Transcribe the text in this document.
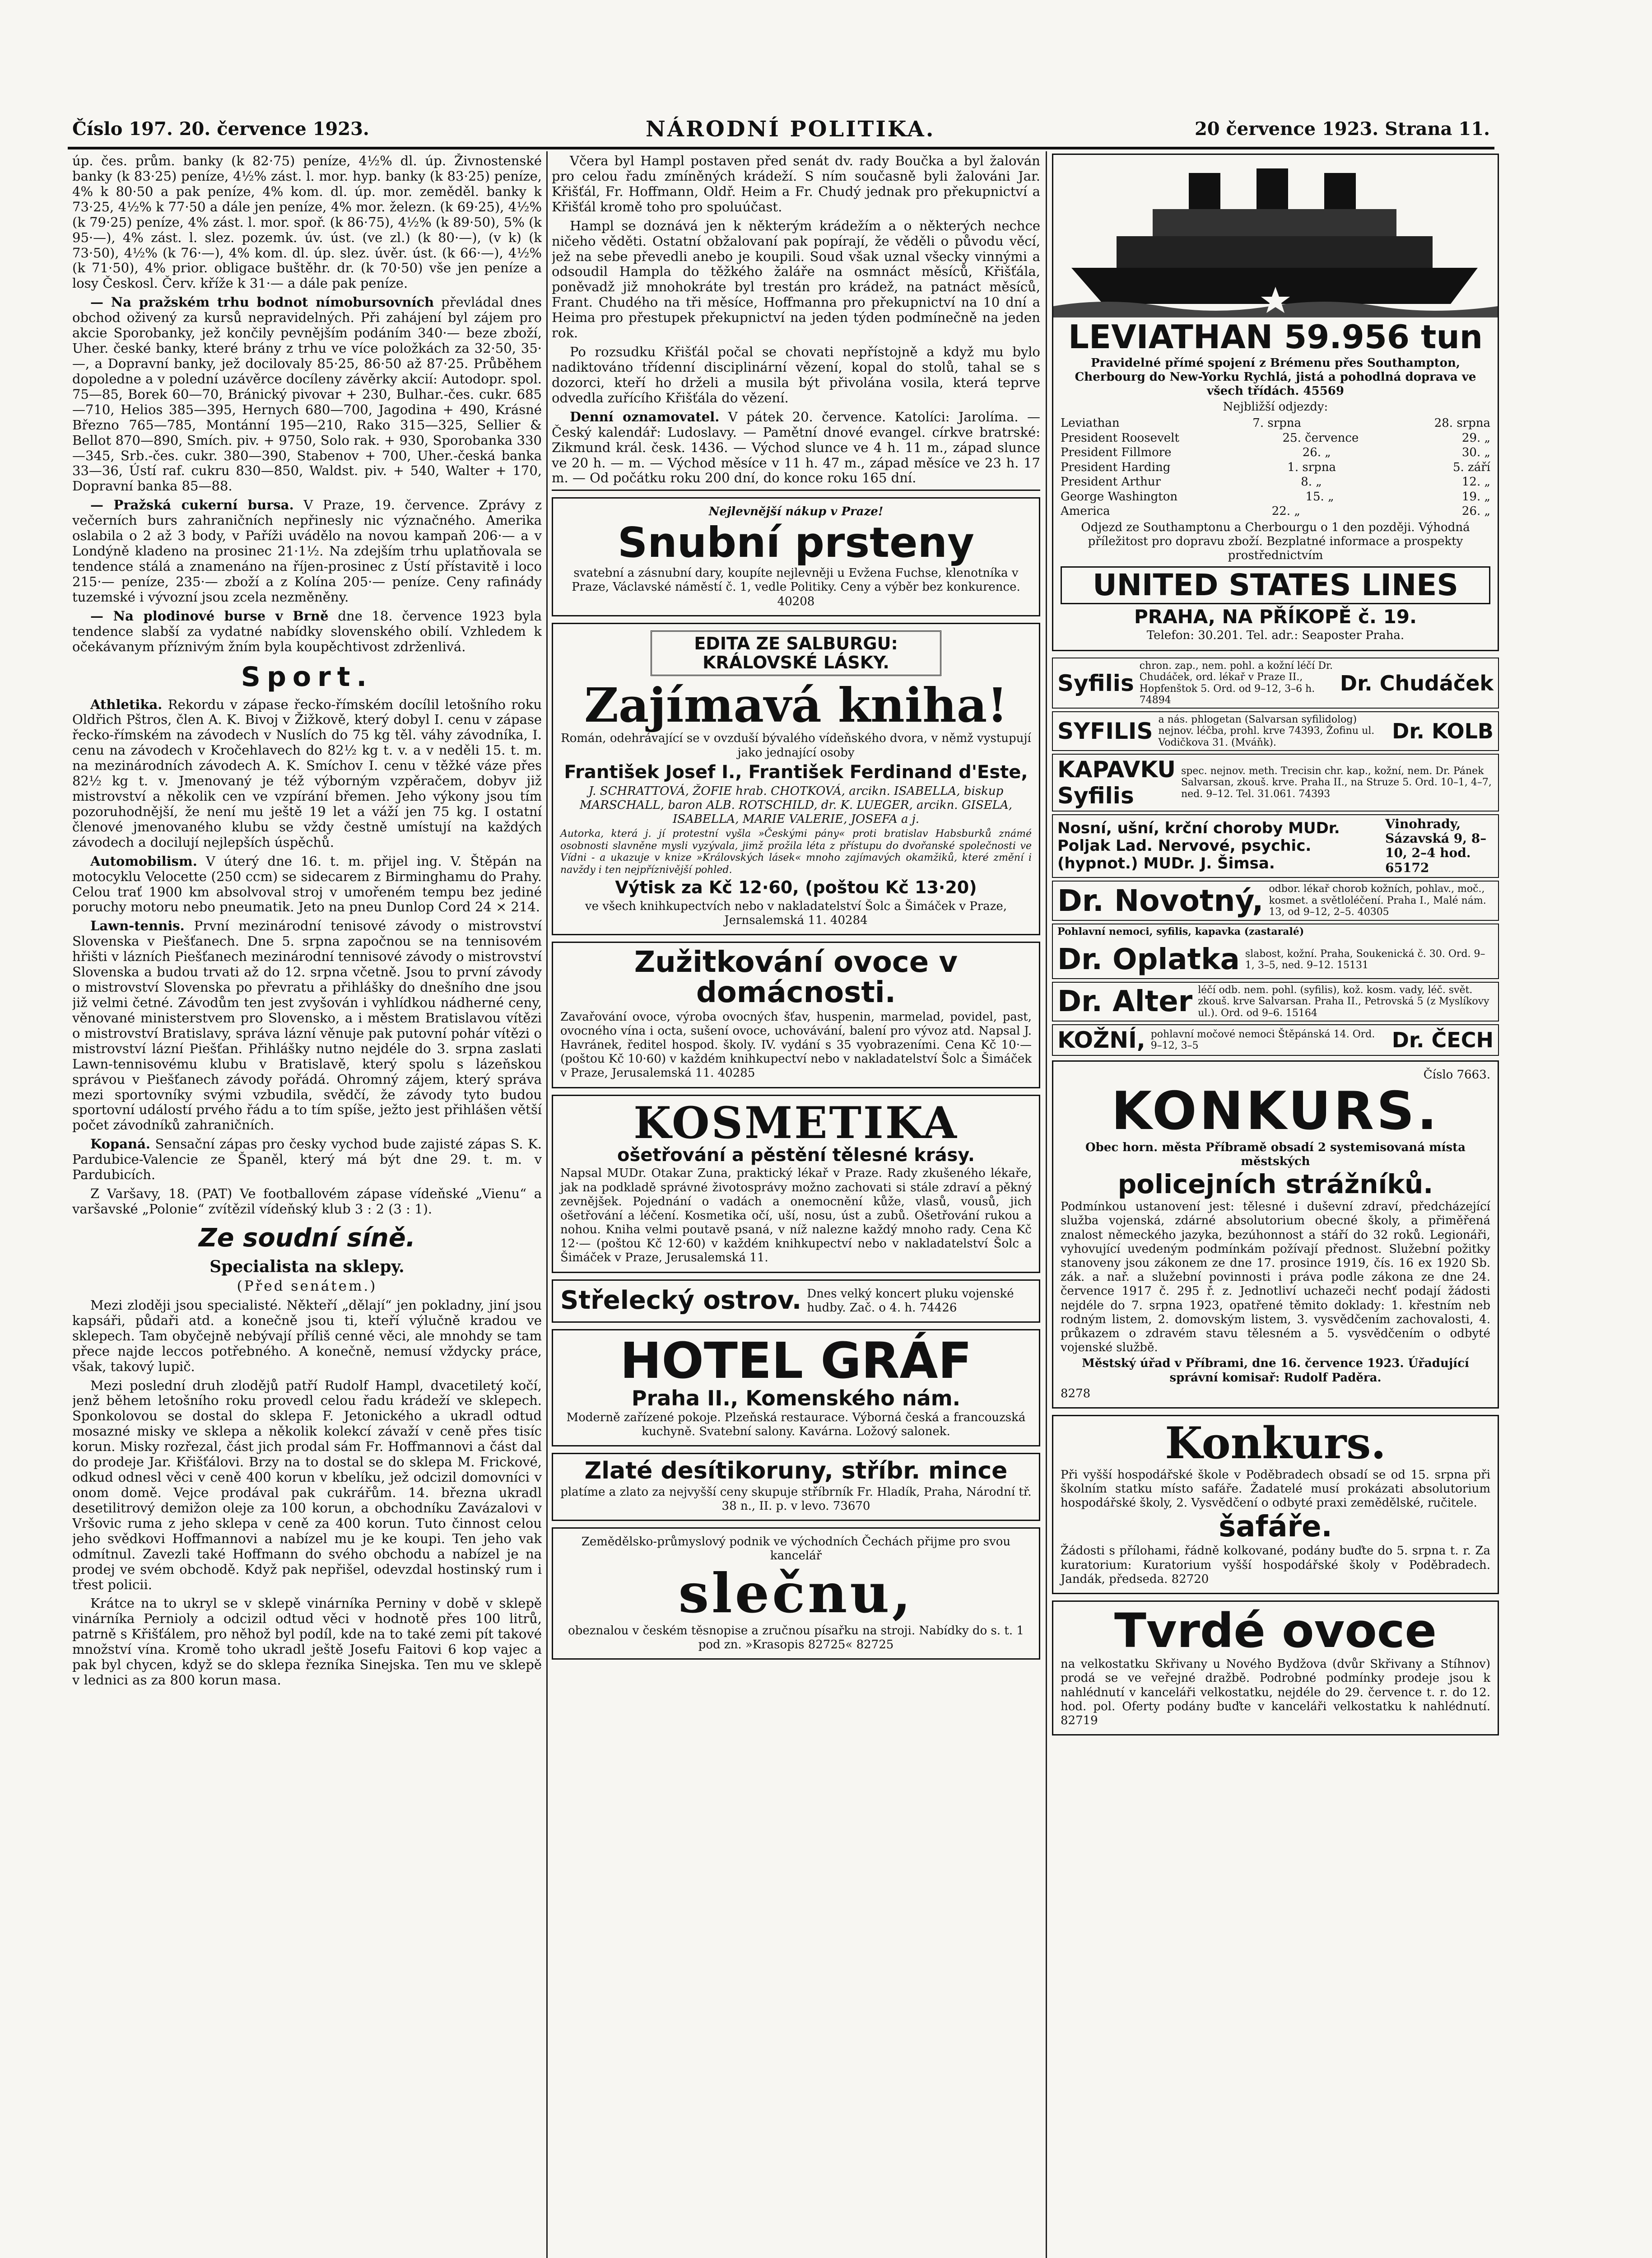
Číslo 197. 20. července 1923.	NÁRODNÍ POLITIKA.	20 července 1923. Strana 11.

úp. čes. prům. banky (k 82·75) peníze, 4½% dl. úp. Živnostenské banky (k 83·25) peníze, 4½% zást. l. mor. hyp. banky (k 83·25) peníze, 4% k 80·50 a pak peníze, 4% kom. dl. úp. mor. zeměděl. banky k 73·25, 4½% k 77·50 a dále jen peníze, 4% mor. železn. (k 69·25), 4½% (k 79·25) peníze, 4% zást. l. mor. spoř. (k 86·75), 4½% (k 89·50), 5% (k 95·—), 4% zást. l. slez. pozemk. úv. úst. (ve zl.) (k 80·—), (v k) (k 73·50), 4½% (k 76·—), 4% kom. dl. úp. slez. úvěr. úst. (k 66·—), 4½% (k 71·50), 4% prior. obligace buštěhr. dr. (k 70·50) vše jen peníze a losy Českosl. Červ. kříže k 31·— a dále pak peníze.

— Na pražském trhu bodnot nímobursovních převládal dnes obchod oživený za kursů nepravidelných. Při zahájení byl zájem pro akcie Sporobanky, jež končily pevnějším podáním 340·— beze zboží, Uher. české banky, které brány z trhu ve více položkách za 32·50, 35·—, a Dopravní banky, jež docilovaly 85·25, 86·50 až 87·25. Průběhem dopoledne a v polední uzávěrce docíleny závěrky akcií: Autodopr. spol. 75—85, Borek 60—70, Bránický pivovar + 230, Bulhar.-čes. cukr. 685—710, Helios 385—395, Hernych 680—700, Jagodina + 490, Krásné Březno 765—785, Montánní 195—210, Rako 315—325, Sellier & Bellot 870—890, Smích. piv. + 9750, Solo rak. + 930, Sporobanka 330—345, Srb.-čes. cukr. 380—390, Stabenov + 700, Uher.-česká banka 33—36, Ústí raf. cukru 830—850, Waldst. piv. + 540, Walter + 170, Dopravní banka 85—88.

— Pražská cukerní bursa. V Praze, 19. července. Zprávy z večerních burs zahraničních nepřinesly nic význačného. Amerika oslabila o 2 až 3 body, v Paříži uvádělo na novou kampaň 206·— a v Londýně kladeno na prosinec 21·1½. Na zdejším trhu uplatňovala se tendence stálá a znamenáno na říjen-prosinec z Ústí přístavitě i loco 215·— peníze, 235·— zboží a z Kolína 205·— peníze. Ceny rafinády tuzemské i vývozní jsou zcela nezměněny.

— Na plodinové burse v Brně dne 18. července 1923 byla tendence slabší za vydatné nabídky slovenského obilí. Vzhledem k očekávanym příznivým žním byla koupěchtivost zdrženlivá.

Sport.

Athletika. Rekordu v zápase řecko-římském docílil letošního roku Oldřich Pštros, člen A. K. Bivoj v Žižkově, který dobyl I. cenu v zápase řecko-římském na závodech v Nuslích do 75 kg těl. váhy závodníka, I. cenu na závodech v Kročehlavech do 82½ kg t. v. a v neděli 15. t. m. na mezinárodních závodech A. K. Smíchov I. cenu v těžké váze přes 82½ kg t. v. Jmenovaný je též výborným vzpěračem, dobyv již mistrovství a několik cen ve vzpírání břemen. Jeho výkony jsou tím pozoruhodnější, že není mu ještě 19 let a váží jen 75 kg. I ostatní členové jmenovaného klubu se vždy čestně umístují na každých závodech a docilují nejlepších úspěchů.

Automobilism. V úterý dne 16. t. m. přijel ing. V. Štěpán na motocyklu Velocette (250 ccm) se sidecarem z Birminghamu do Prahy. Celou trať 1900 km absolvoval stroj v umořeném tempu bez jediné poruchy motoru nebo pneumatik. Jeto na pneu Dunlop Cord 24 × 214.

Lawn-tennis. První mezinárodní tenisové závody o mistrovství Slovenska v Piešťanech. Dne 5. srpna započnou se na tennisovém hřišti v lázních Piešťanech mezinárodní tennisové závody o mistrovství Slovenska a budou trvati až do 12. srpna včetně. Jsou to první závody o mistrovství Slovenska po převratu a přihlášky do dnešního dne jsou již velmi četné. Závodům ten jest zvyšován i vyhlídkou nádherné ceny, věnované ministerstvem pro Slovensko, a i městem Bratislavou vítězi o mistrovství Bratislavy, správa lázní věnuje pak putovní pohár vítězi o mistrovství lázní Piešťan. Přihlášky nutno nejdéle do 3. srpna zaslati Lawn-tennisovému klubu v Bratislavě, který spolu s lázeňskou správou v Piešťanech závody pořádá. Ohromný zájem, který správa mezi sportovníky svými vzbudila, svědčí, že závody tyto budou sportovní událostí prvého řádu a to tím spíše, ježto jest přihlášen větší počet závodníků zahraničních.

Kopaná. Sensační zápas pro česky vychod bude zajisté zápas S. K. Pardubice-Valencie ze Španěl, který má být dne 29. t. m. v Pardubicích.

Z Varšavy, 18. (PAT) Ve footballovém zápase vídeňské „Vienu“ a varšavské „Polonie“ zvítězil vídeňský klub 3 : 2 (3 : 1).

Ze soudní síně.
Specialista na sklepy.
(Před senátem.)

Mezi zloději jsou specialisté. Někteří „dělají“ jen pokladny, jiní jsou kapsáři, půdaři atd. a konečně jsou ti, kteří výlučně kradou ve sklepech. Tam obyčejně nebývají příliš cenné věci, ale mnohdy se tam přece najde leccos potřebného. A konečně, nemusí vždycky práce, však, takový lupič.

Mezi poslední druh zlodějů patří Rudolf Hampl, dvacetiletý kočí, jenž během letošního roku provedl celou řadu krádeží ve sklepech. Sponkolovou se dostal do sklepa F. Jetonického a ukradl odtud mosazné misky ve sklepa a několik kolekcí závaží v ceně přes tisíc korun. Misky rozřezal, část jich prodal sám Fr. Hoffmannovi a část dal do prodeje Jar. Křišťálovi. Brzy na to dostal se do sklepa M. Frickové, odkud odnesl věci v ceně 400 korun v kbelíku, jež odcizil domovníci v onom domě. Vejce prodával pak cukrářům. 14. března ukradl desetilitrový demižon oleje za 100 korun, a obchodníku Zavázalovi v Vršovic ruma z jeho sklepa v ceně za 400 korun. Tuto činnost celou jeho svědkovi Hoffmannovi a nabízel mu je ke koupi. Ten jeho vak odmítnul. Zavezli také Hoffmann do svého obchodu a nabízel je na prodej ve svém obchodě. Když pak nepřišel, odevzdal hostinský rum i třest policii.

Krátce na to ukryl se v sklepě vinárníka Perniny v době v sklepě vinárníka Pernioly a odcizil odtud věci v hodnotě přes 100 litrů, patrně s Křišťálem, pro něhož byl podíl, kde na to také zemi pít takové množství vína. Kromě toho ukradl ještě Josefu Faitovi 6 kop vajec a pak byl chycen, když se do sklepa řezníka Sinejska. Ten mu ve sklepě v lednici as za 800 korun masa.

Včera byl Hampl postaven před senát dv. rady Boučka a byl žalován pro celou řadu zmíněných krádeží. S ním současně byli žalováni Jar. Křišťál, Fr. Hoffmann, Oldř. Heim a Fr. Chudý jednak pro překupnictví a Křišťál kromě toho pro spoluúčast.

Hampl se doznává jen k některým krádežím a o některých nechce ničeho věděti. Ostatní obžalovaní pak popírají, že věděli o původu věcí, jež na sebe převedli anebo je koupili. Soud však uznal všecky vinnými a odsoudil Hampla do těžkého žaláře na osmnáct měsíců, Křišťála, poněvadž již mnohokráte byl trestán pro krádež, na patnáct měsíců, Frant. Chudého na tři měsíce, Hoffmanna pro překupnictví na 10 dní a Heima pro přestupek překupnictví na jeden týden podmínečně na jeden rok.

Po rozsudku Křišťál počal se chovati nepřístojně a když mu bylo nadiktováno třídenní disciplinární vězení, kopal do stolů, tahal se s dozorci, kteří ho drželi a musila být přivolána vosila, která teprve odvedla zuřícího Křišťála do vězení.

Denní oznamovatel. V pátek 20. července. Katolíci: Jarolíma. — Český kalendář: Ludoslavy. — Pamětní dnové evangel. církve bratrské: Zikmund král. česk. 1436. — Východ slunce ve 4 h. 11 m., západ slunce ve 20 h. — m. — Východ měsíce v 11 h. 47 m., západ měsíce ve 23 h. 17 m. — Od počátku roku 200 dní, do konce roku 165 dní.

Nejlevnější nákup v Praze!
Snubní prsteny
svatební a zásnubní dary, koupíte nejlevněji u Evžena Fuchse, klenotníka v Praze, Václavské náměstí č. 1, vedle Politiky. Ceny a výběr bez konkurence. 40208
EDITA ZE SALBURGU: KRÁLOVSKÉ LÁSKY.
Zajímavá kniha!
Román, odehrávající se v ovzduší bývalého vídeňského dvora, v němž vystupují jako jednající osoby
František Josef I., František Ferdinand d'Este,
J. SCHRATTOVÁ, ŽOFIE hrab. CHOTKOVÁ, arcikn. ISABELLA, biskup MARSCHALL, baron ALB. ROTSCHILD, dr. K. LUEGER, arcikn. GISELA, ISABELLA, MARIE VALERIE, JOSEFA a j.
Autorka, která j. jí protestní vyšla »Českými pány« proti bratislav Habsburků známé osobnosti slavněne mysli vyzývala, jimž prožila léta z přístupu do dvořanské společnosti ve Vídni - a ukazuje v knize »Královských lásek« mnoho zajímavých okamžiků, které změní i navždy i ten nejpříznivější pohled.
Výtisk za Kč 12·60, (poštou Kč 13·20)
ve všech knihkupectvích nebo v nakladatelství Šolc a Šimáček v Praze, Jernsalemská 11. 40284
Zužitkování ovoce v domácnosti.
Zavařování ovoce, výroba ovocných šťav, huspenin, marmelad, povidel, past, ovocného vína i octa, sušení ovoce, uchovávání, balení pro vývoz atd. Napsal J. Havránek, ředitel hospod. školy. IV. vydání s 35 vyobrazeními. Cena Kč 10·— (poštou Kč 10·60) v každém knihkupectví nebo v nakladatelství Šolc a Šimáček v Praze, Jerusalemská 11. 40285
KOSMETIKA
ošetřování a pěstění tělesné krásy.
Napsal MUDr. Otakar Zuna, praktický lékař v Praze. Rady zkušeného lékaře, jak na podkladě správné životosprávy možno zachovati si stále zdraví a pěkný zevnějšek. Pojednání o vadách a onemocnění kůže, vlasů, vousů, jich ošetřování a léčení. Kosmetika očí, uší, nosu, úst a zubů. Ošetřování rukou a nohou. Kniha velmi poutavě psaná, v níž nalezne každý mnoho rady. Cena Kč 12·— (poštou Kč 12·60) v každém knihkupectví nebo v nakladatelství Šolc a Šimáček v Praze, Jerusalemská 11.
Střelecký ostrov. Dnes velký koncert pluku vojenské hudby. Zač. o 4. h. 74426
HOTEL GRÁF
Praha II., Komenského nám.
Moderně zařízené pokoje. Plzeňská restaurace. Výborná česká a francouzská kuchyně. Svatební salony. Kavárna. Ložový salonek.
Zlaté desítikoruny, stříbr. mince
platíme a zlato za nejvyšší ceny skupuje stříbrník Fr. Hladík, Praha, Národní tř. 38 n., II. p. v levo. 73670
Zemědělsko-průmyslový podnik ve východních Čechách přijme pro svou kancelář
slečnu,
obeznalou v českém těsnopise a zručnou písařku na stroji. Nabídky do s. t. 1 pod zn. »Krasopis 82725« 82725
LEVIATHAN 59.956 tun
Pravidelné přímé spojení z Brémenu přes Southampton, Cherbourg do New-Yorku Rychlá, jistá a pohodlná doprava ve všech třídách. 45569
Nejbližší odjezdy:
Leviathan	7. srpna	28. srpna
President Roosevelt	25. července	29. „
President Fillmore	26. „	30. „
President Harding	1. srpna	5. září
President Arthur	8. „	12. „
George Washington	15. „	19. „
America	22. „	26. „
Odjezd ze Southamptonu a Cherbourgu o 1 den později. Výhodná příležitost pro dopravu zboží. Bezplatné informace a prospekty prostřednictvím
UNITED STATES LINES
PRAHA, NA PŘÍKOPĚ č. 19.
Telefon: 30.201. Tel. adr.: Seaposter Praha.
Syfilis
chron. zap., nem. pohl. a kožní léčí Dr. Chudáček, ord. lékař v Praze II., Hopfenštok 5. Ord. od 9–12, 3–6 h. 74894
Dr. Chudáček
SYFILIS a nás. phlogetan (Salvarsan syfilidolog) nejnov. léčba, prohl. krve 74393, Žofinu ul. Vodičkova 31. (Mváňk).	Dr. KOLB
KAPAVKU
Syfilis
spec. nejnov. meth. Trecisin chr. kap., kožní, nem. Dr. Pánek Salvarsan, zkouš. krve. Praha II., na Struze 5. Ord. 10–1, 4–7, ned. 9–12. Tel. 31.061. 74393
Nosní, ušní, krční choroby MUDr. Poljak Lad. Nervové, psychic. (hypnot.) MUDr. J. Šimsa.
Vinohrady, Sázavská 9, 8–10, 2–4 hod. 65172
Dr. Novotný, odbor. lékař chorob kožních, pohlav., moč., kosmet. a světloléčení. Praha I., Malé nám. 13, od 9–12, 2–5. 40305
Pohlavní nemoci, syfilis, kapavka (zastaralé)
Dr. Oplatka slabost, kožní. Praha, Soukenická č. 30. Ord. 9–1, 3–5, ned. 9–12. 15131
Dr. Alter léčí odb. nem. pohl. (syfilis), kož. kosm. vady, léč. svět. zkouš. krve Salvarsan. Praha II., Petrovská 5 (z Myslíkovy ul.). Ord. od 9–6. 15164
KOŽNÍ, pohlavní močové nemoci Štěpánská 14. Ord. 9–12, 3–5	Dr. ČECH
Číslo 7663.
KONKURS.
Obec horn. města Příbramě obsadí 2 systemisovaná místa městských
policejních strážníků.
Podmínkou ustanovení jest: tělesné i duševní zdraví, předcházející služba vojenská, zdárné absolutorium obecné školy, a přiměřená znalost německého jazyka, bezúhonnost a stáří do 32 roků. Legionáři, vyhovující uvedeným podmínkám požívají přednost. Služební požitky stanoveny jsou zákonem ze dne 17. prosince 1919, čís. 16 ex 1920 Sb. zák. a nař. a služební povinnosti i práva podle zákona ze dne 24. července 1917 č. 295 ř. z. Jednotliví uchazeči nechť podají žádosti nejdéle do 7. srpna 1923, opatřené těmito doklady: 1. křestním neb rodným listem, 2. domovským listem, 3. vysvědčením zachovalosti, 4. průkazem o zdravém stavu tělesném a 5. vysvědčením o odbyté vojenské službě.
Městský úřad v Příbrami, dne 16. července 1923. Úřadující správní komisař: Rudolf Paděra.
8278
Konkurs.
Při vyšší hospodářské škole v Poděbradech obsadí se od 15. srpna při školním statku místo safáře. Žadatelé musí prokázati absolutorium hospodářské školy, 2. Vysvědčení o odbyté praxi zemědělské, ručitele.
šafáře.
Žádosti s přílohami, řádně kolkované, podány buďte do 5. srpna t. r. Za kuratorium: Kuratorium vyšší hospodářské školy v Poděbradech. Jandák, předseda. 82720
Tvrdé ovoce
na velkostatku Skřivany u Nového Bydžova (dvůr Skřivany a Stíhnov) prodá se ve veřejné dražbě. Podrobné podmínky prodeje jsou k nahlédnutí v kanceláři velkostatku, nejdéle do 29. července t. r. do 12. hod. pol. Oferty podány buďte v kanceláři velkostatku k nahlédnutí. 82719
